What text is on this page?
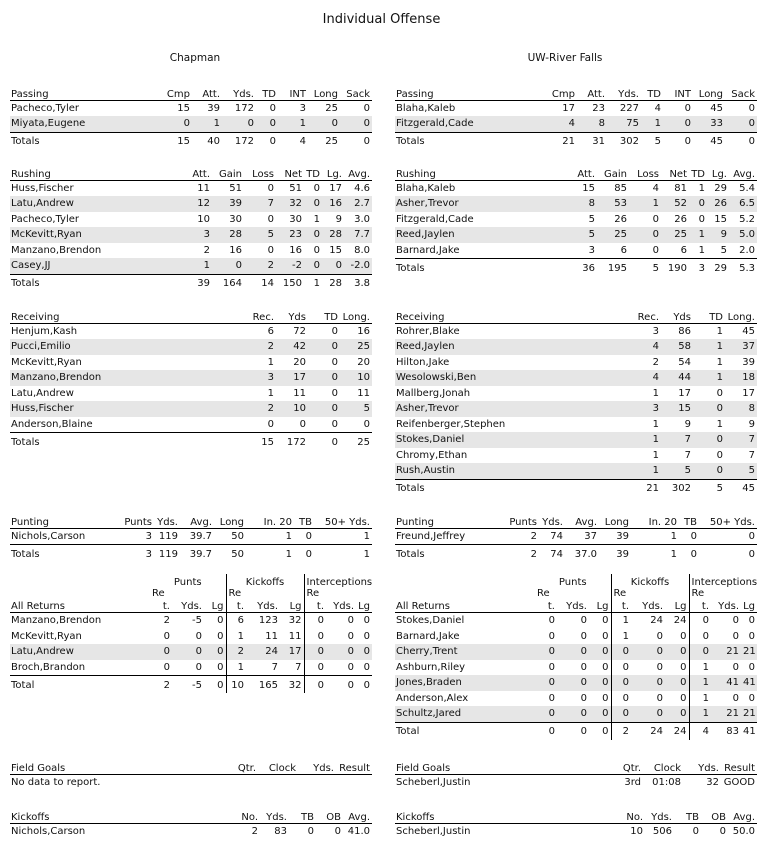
Individual Offense
Chapman
Passing	Cmp	Att.	Yds.	TD	INT	Long	Sack
Pacheco,Tyler	15	39	172	0	3	25	0
Miyata,Eugene	0	1	0	0	1	0	0
Totals	15	40	172	0	4	25	0
Rushing	Att.	Gain	Loss	Net	TD	Lg.	Avg.
Huss,Fischer	11	51	0	51	0	17	4.6
Latu,Andrew	12	39	7	32	0	16	2.7
Pacheco,Tyler	10	30	0	30	1	9	3.0
McKevitt,Ryan	3	28	5	23	0	28	7.7
Manzano,Brendon	2	16	0	16	0	15	8.0
Casey,JJ	1	0	2	-2	0	0	-2.0
Totals	39	164	14	150	1	28	3.8
Receiving	Rec.	Yds	TD	Long.
Henjum,Kash	6	72	0	16
Pucci,Emilio	2	42	0	25
McKevitt,Ryan	1	20	0	20
Manzano,Brendon	3	17	0	10
Latu,Andrew	1	11	0	11
Huss,Fischer	2	10	0	5
Anderson,Blaine	0	0	0	0
Totals	15	172	0	25
Punting	Punts	Yds.	Avg.	Long	In. 20	TB	50+ Yds.
Nichols,Carson	3	119	39.7	50	1	0	1
Totals	3	119	39.7	50	1	0	1
	Punts			Kickoffs			Interceptions		
	Re			Re			Re		
All Returns	t.	Yds.	Lg	t.	Yds.	Lg	t.	Yds.	Lg
Manzano,Brendon	2	-5	0	6	123	32	0	0	0
McKevitt,Ryan	0	0	0	1	11	11	0	0	0
Latu,Andrew	0	0	0	2	24	17	0	0	0
Broch,Brandon	0	0	0	1	7	7	0	0	0
Total	2	-5	0	10	165	32	0	0	0
Field Goals	Qtr.	Clock	Yds.	Result
No data to report.
Kickoffs	No.	Yds.	TB	OB	Avg.
Nichols,Carson	2	83	0	0	41.0
UW-River Falls
Passing	Cmp	Att.	Yds.	TD	INT	Long	Sack
Blaha,Kaleb	17	23	227	4	0	45	0
Fitzgerald,Cade	4	8	75	1	0	33	0
Totals	21	31	302	5	0	45	0
Rushing	Att.	Gain	Loss	Net	TD	Lg.	Avg.
Blaha,Kaleb	15	85	4	81	1	29	5.4
Asher,Trevor	8	53	1	52	0	26	6.5
Fitzgerald,Cade	5	26	0	26	0	15	5.2
Reed,Jaylen	5	25	0	25	1	9	5.0
Barnard,Jake	3	6	0	6	1	5	2.0
Totals	36	195	5	190	3	29	5.3
Receiving	Rec.	Yds	TD	Long.
Rohrer,Blake	3	86	1	45
Reed,Jaylen	4	58	1	37
Hilton,Jake	2	54	1	39
Wesolowski,Ben	4	44	1	18
Mallberg,Jonah	1	17	0	17
Asher,Trevor	3	15	0	8
Reifenberger,Stephen	1	9	1	9
Stokes,Daniel	1	7	0	7
Chromy,Ethan	1	7	0	7
Rush,Austin	1	5	0	5
Totals	21	302	5	45
Punting	Punts	Yds.	Avg.	Long	In. 20	TB	50+ Yds.
Freund,Jeffrey	2	74	37	39	1	0	0
Totals	2	74	37.0	39	1	0	0
	Punts			Kickoffs			Interceptions		
	Re			Re			Re		
All Returns	t.	Yds.	Lg	t.	Yds.	Lg	t.	Yds.	Lg
Stokes,Daniel	0	0	0	1	24	24	0	0	0
Barnard,Jake	0	0	0	1	0	0	0	0	0
Cherry,Trent	0	0	0	0	0	0	0	21	21
Ashburn,Riley	0	0	0	0	0	0	1	0	0
Jones,Braden	0	0	0	0	0	0	1	41	41
Anderson,Alex	0	0	0	0	0	0	1	0	0
Schultz,Jared	0	0	0	0	0	0	1	21	21
Total	0	0	0	2	24	24	4	83	41
Field Goals	Qtr.	Clock	Yds.	Result
Scheberl,Justin	3rd	01:08	32	GOOD
Kickoffs	No.	Yds.	TB	OB	Avg.
Scheberl,Justin	10	506	0	0	50.0
